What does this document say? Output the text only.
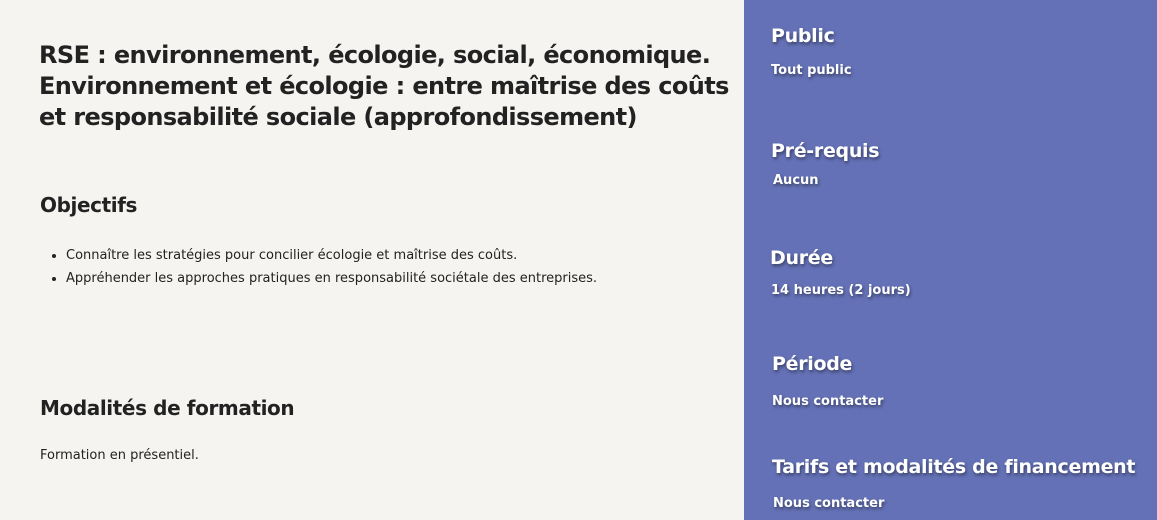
RSE : environnement, écologie, social, économique. Environnement et écologie : entre maîtrise des coûts et responsabilité sociale (approfondissement)
Objectifs
• Connaître les stratégies pour concilier écologie et maîtrise des coûts.
• Appréhender les approches pratiques en responsabilité sociétale des entreprises.
Modalités de formation

Formation en présentiel.

Public
Tout public
Pré-requis
Aucun
Durée
14 heures (2 jours)
Période
Nous contacter
Tarifs et modalités de financement
Nous contacter
